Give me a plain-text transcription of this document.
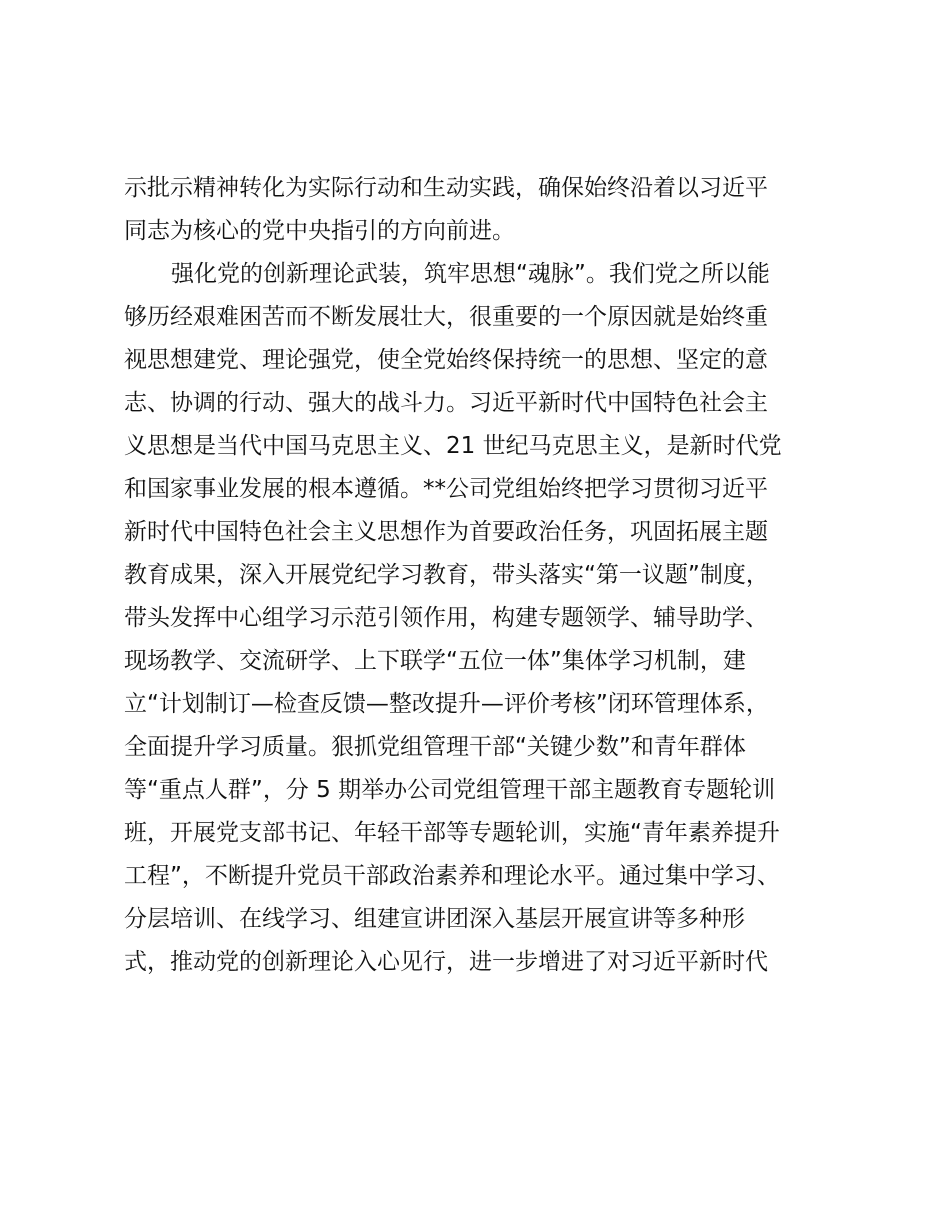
示批示精神转化为实际行动和生动实践，确保始终沿着以习近平
同志为核心的党中央指引的方向前进。
强化党的创新理论武装，筑牢思想“魂脉”。我们党之所以能
够历经艰难困苦而不断发展壮大，很重要的一个原因就是始终重
视思想建党、理论强党，使全党始终保持统一的思想、坚定的意
志、协调的行动、强大的战斗力。习近平新时代中国特色社会主
义思想是当代中国马克思主义、21 世纪马克思主义，是新时代党
和国家事业发展的根本遵循。**公司党组始终把学习贯彻习近平
新时代中国特色社会主义思想作为首要政治任务，巩固拓展主题
教育成果，深入开展党纪学习教育，带头落实“第一议题”制度，
带头发挥中心组学习示范引领作用，构建专题领学、辅导助学、
现场教学、交流研学、上下联学“五位一体”集体学习机制，建
立“计划制订—检查反馈—整改提升—评价考核”闭环管理体系，
全面提升学习质量。狠抓党组管理干部“关键少数”和青年群体
等“重点人群”，分 5 期举办公司党组管理干部主题教育专题轮训
班，开展党支部书记、年轻干部等专题轮训，实施“青年素养提升
工程”，不断提升党员干部政治素养和理论水平。通过集中学习、
分层培训、在线学习、组建宣讲团深入基层开展宣讲等多种形
式，推动党的创新理论入心见行，进一步增进了对习近平新时代
